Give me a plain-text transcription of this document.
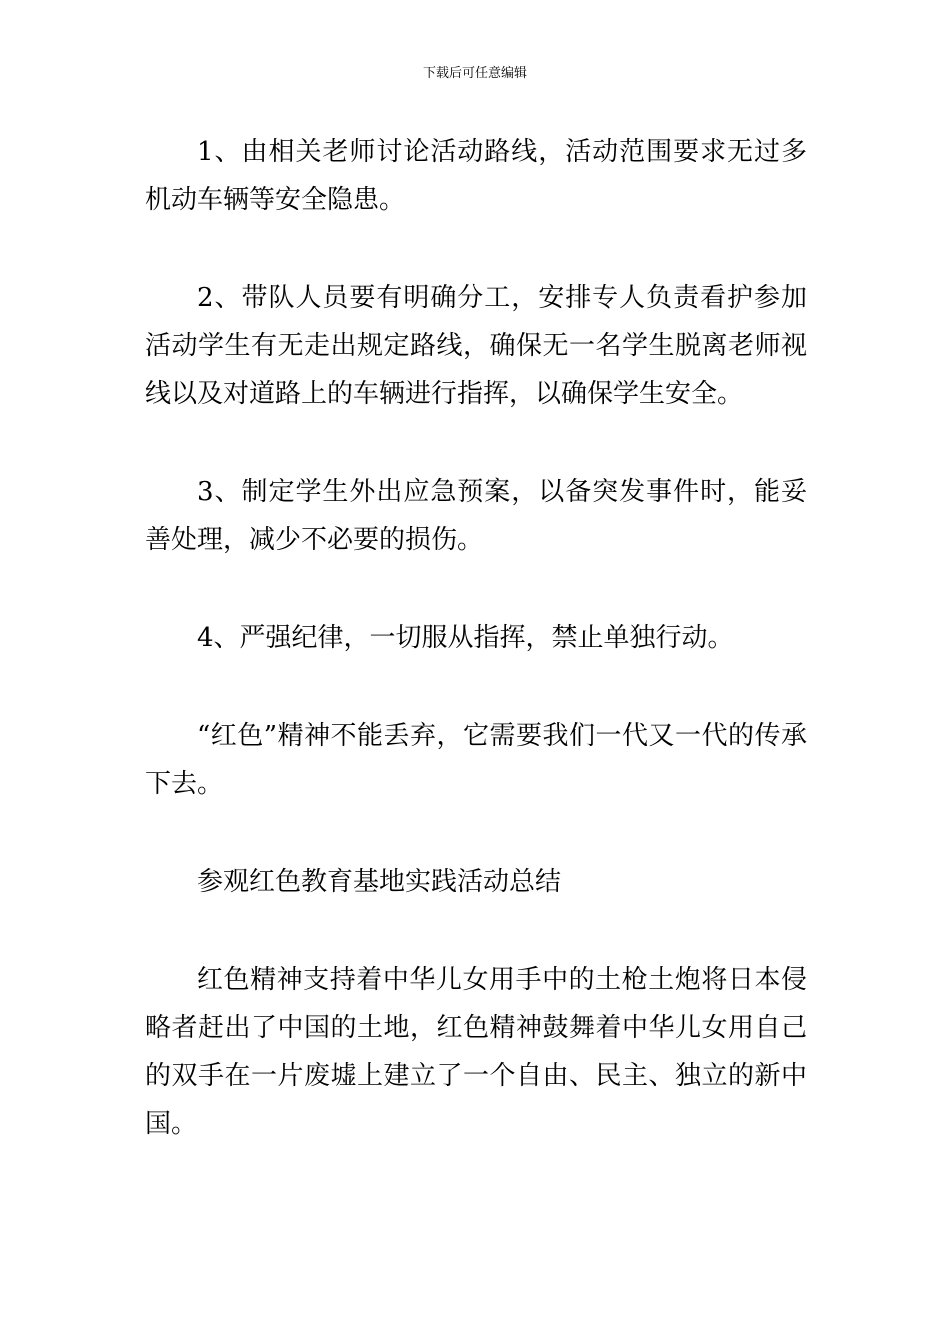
下载后可任意编辑

1、由相关老师讨论活动路线，活动范围要求无过多机动车辆等安全隐患。

2、带队人员要有明确分工，安排专人负责看护参加活动学生有无走出规定路线，确保无一名学生脱离老师视线以及对道路上的车辆进行指挥，以确保学生安全。

3、制定学生外出应急预案，以备突发事件时，能妥善处理，减少不必要的损伤。

4、严强纪律，一切服从指挥，禁止单独行动。

“红色”精神不能丢弃，它需要我们一代又一代的传承下去。

参观红色教育基地实践活动总结

红色精神支持着中华儿女用手中的土枪土炮将日本侵略者赶出了中国的土地，红色精神鼓舞着中华儿女用自己的双手在一片废墟上建立了一个自由、民主、独立的新中国。
